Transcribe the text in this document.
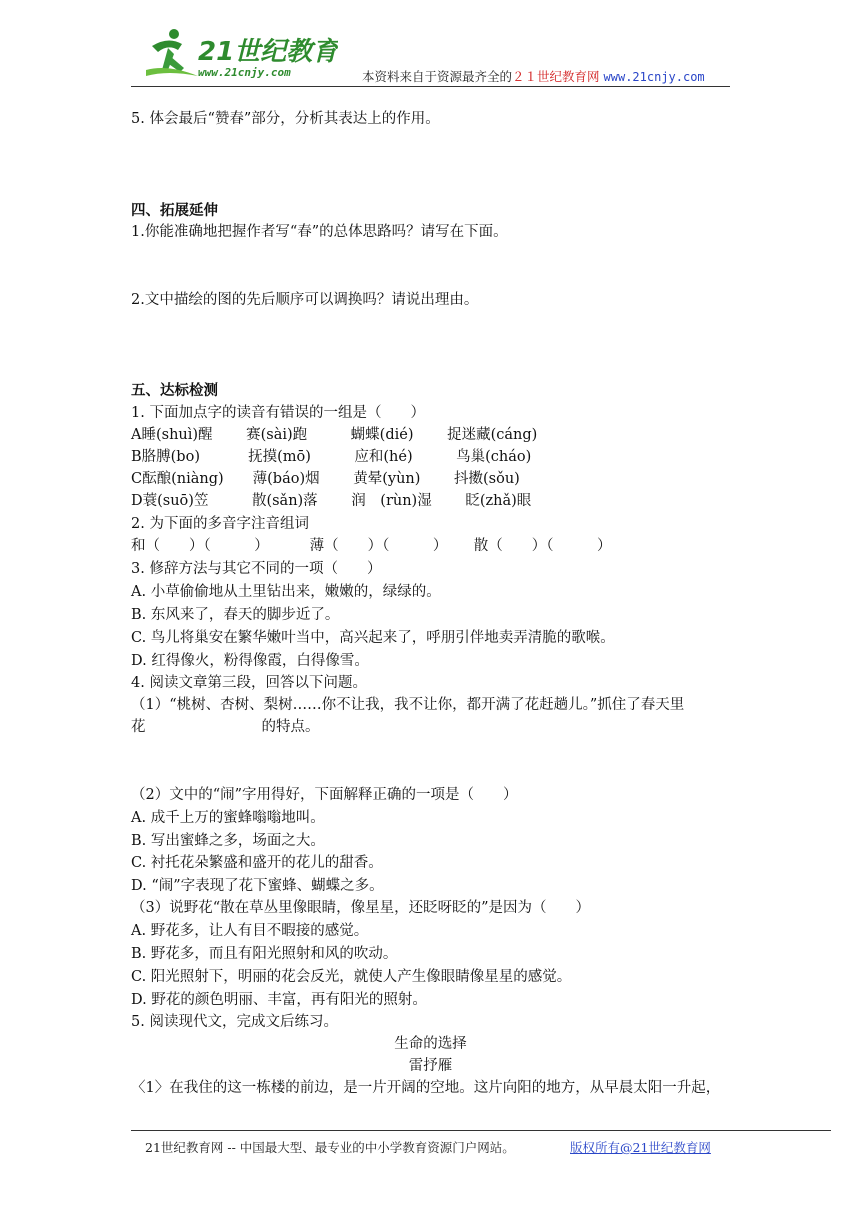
21世纪教育
www.21cnjy.com	本资料来自于资源最齐全的２１世纪教育网 www.21cnjy.com
5. 体会最后“赞春”部分，分析其表达上的作用。
四、拓展延伸
1.你能准确地把握作者写“春”的总体思路吗？请写在下面。
2.文中描绘的图的先后顺序可以调换吗？请说出理由。
五、达标检测
1. 下面加点字的读音有错误的一组是（　　）
A睡(shuì)醒　　 赛(sài)跑　　　蝴蝶(dié)　　 捉迷藏(cáng)
B胳膊(bo)　　　 抚摸(mō)　　　应和(hé)　　　鸟巢(cháo)
C酝酿(niàng)　　薄(báo)烟　　 黄晕(yùn)　　 抖擞(sǒu)
D蓑(suō)笠　　　散(sǎn)落　　 润　(rùn)湿　　 眨(zhǎ)眼
2. 为下面的多音字注音组词
和（　　）（　　　）　　　 薄（　　）（　　　）　　 散（　　）（　　　）
3. 修辞方法与其它不同的一项（　　）
A. 小草偷偷地从土里钻出来，嫩嫩的，绿绿的。
B. 东风来了，春天的脚步近了。
C. 鸟儿将巢安在繁华嫩叶当中，高兴起来了，呼朋引伴地卖弄清脆的歌喉。
D. 红得像火，粉得像霞，白得像雪。
4. 阅读文章第三段，回答以下问题。
（1）“桃树、杏树、梨树……你不让我，我不让你，都开满了花赶趟儿。”抓住了春天里
花　　　　　　　　的特点。
（2）文中的“闹”字用得好，下面解释正确的一项是（　　）
A. 成千上万的蜜蜂嗡嗡地叫。
B. 写出蜜蜂之多，场面之大。
C. 衬托花朵繁盛和盛开的花儿的甜香。
D. “闹”字表现了花下蜜蜂、蝴蝶之多。
（3）说野花“散在草丛里像眼睛，像星星，还眨呀眨的”是因为（　　）
A. 野花多，让人有目不暇接的感觉。
B. 野花多，而且有阳光照射和风的吹动。
C. 阳光照射下，明丽的花会反光，就使人产生像眼睛像星星的感觉。
D. 野花的颜色明丽、丰富，再有阳光的照射。
5. 阅读现代文，完成文后练习。
生命的选择
雷抒雁
〈1〉在我住的这一栋楼的前边，是一片开阔的空地。这片向阳的地方，从早晨太阳一升起，
21世纪教育网 -- 中国最大型、最专业的中小学教育资源门户网站。	版权所有@21世纪教育网
